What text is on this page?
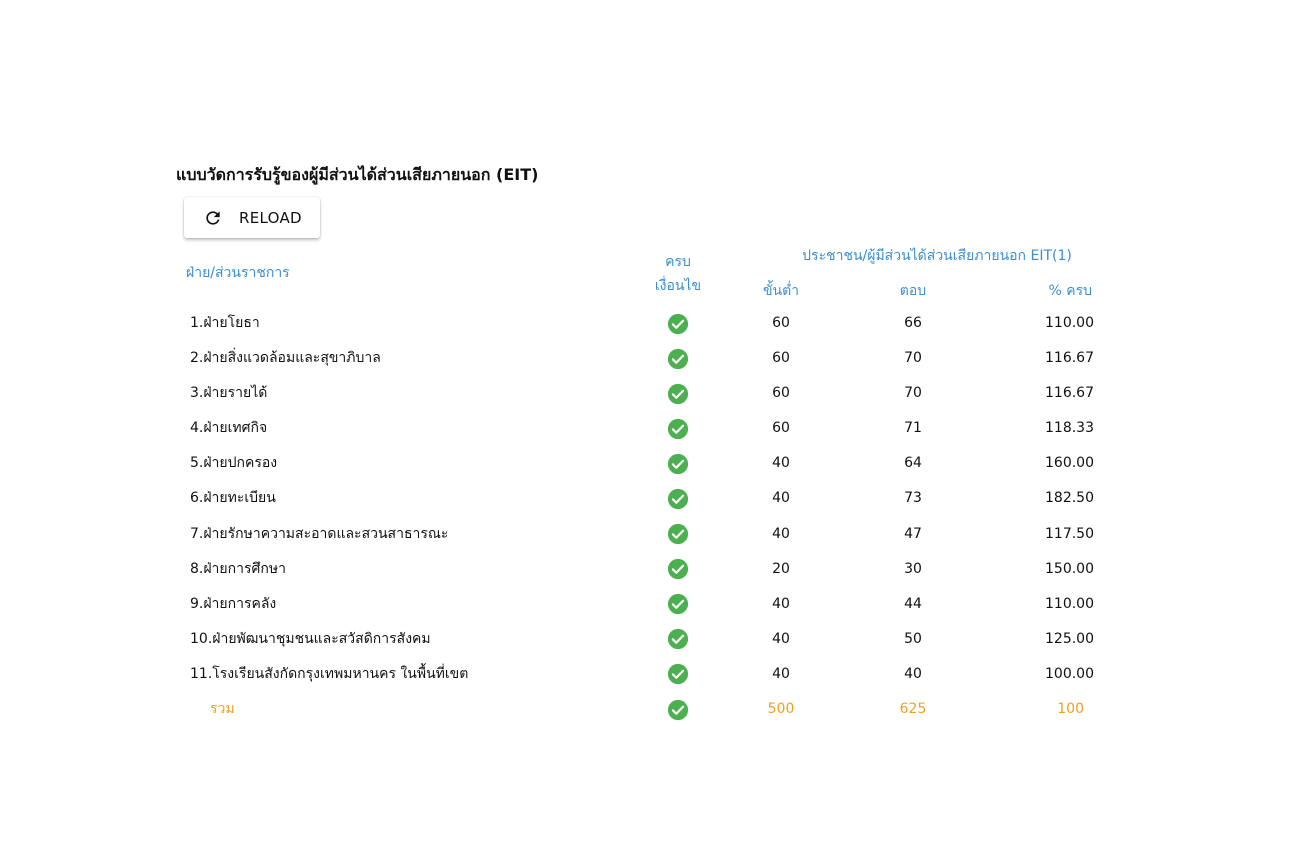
แบบวัดการรับรู้ของผู้มีส่วนได้ส่วนเสียภายนอก (EIT)
RELOAD
ฝ่าย/ส่วนราชการ
ครบ
เงื่อนไข
ประชาชน/ผู้มีส่วนได้ส่วนเสียภายนอก EIT(1)
ขั้นต่ำ	ตอบ	% ครบ
1.ฝ่ายโยธา	60	66	110.00
2.ฝ่ายสิ่งแวดล้อมและสุขาภิบาล	60	70	116.67
3.ฝ่ายรายได้	60	70	116.67
4.ฝ่ายเทศกิจ	60	71	118.33
5.ฝ่ายปกครอง	40	64	160.00
6.ฝ่ายทะเบียน	40	73	182.50
7.ฝ่ายรักษาความสะอาดและสวนสาธารณะ	40	47	117.50
8.ฝ่ายการศึกษา	20	30	150.00
9.ฝ่ายการคลัง	40	44	110.00
10.ฝ่ายพัฒนาชุมชนและสวัสดิการสังคม	40	50	125.00
11.โรงเรียนสังกัดกรุงเทพมหานคร ในพื้นที่เขต	40	40	100.00
รวม	500	625	100
